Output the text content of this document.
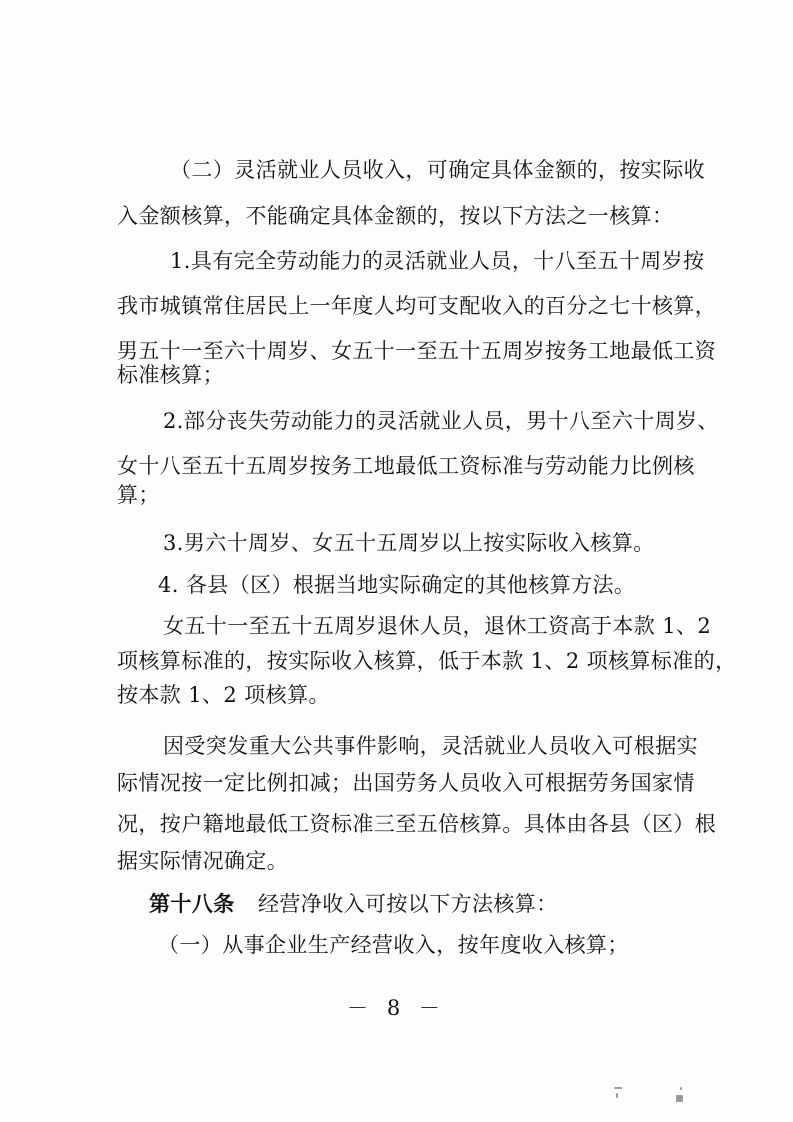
（二）灵活就业人员收入，可确定具体金额的，按实际收
入金额核算，不能确定具体金额的，按以下方法之一核算：
1.具有完全劳动能力的灵活就业人员，十八至五十周岁按
我市城镇常住居民上一年度人均可支配收入的百分之七十核算，
男五十一至六十周岁、女五十一至五十五周岁按务工地最低工资
标准核算；
2.部分丧失劳动能力的灵活就业人员，男十八至六十周岁、
女十八至五十五周岁按务工地最低工资标准与劳动能力比例核
算；
3.男六十周岁、女五十五周岁以上按实际收入核算。
4. 各县（区）根据当地实际确定的其他核算方法。
女五十一至五十五周岁退休人员，退休工资高于本款 1、2
项核算标准的，按实际收入核算，低于本款 1、2 项核算标准的，
按本款 1、2 项核算。
因受突发重大公共事件影响，灵活就业人员收入可根据实
际情况按一定比例扣减；出国劳务人员收入可根据劳务国家情
况，按户籍地最低工资标准三至五倍核算。具体由各县（区）根
据实际情况确定。
第十八条 经营净收入可按以下方法核算：
（一）从事企业生产经营收入，按年度收入核算；
－ 8 －
